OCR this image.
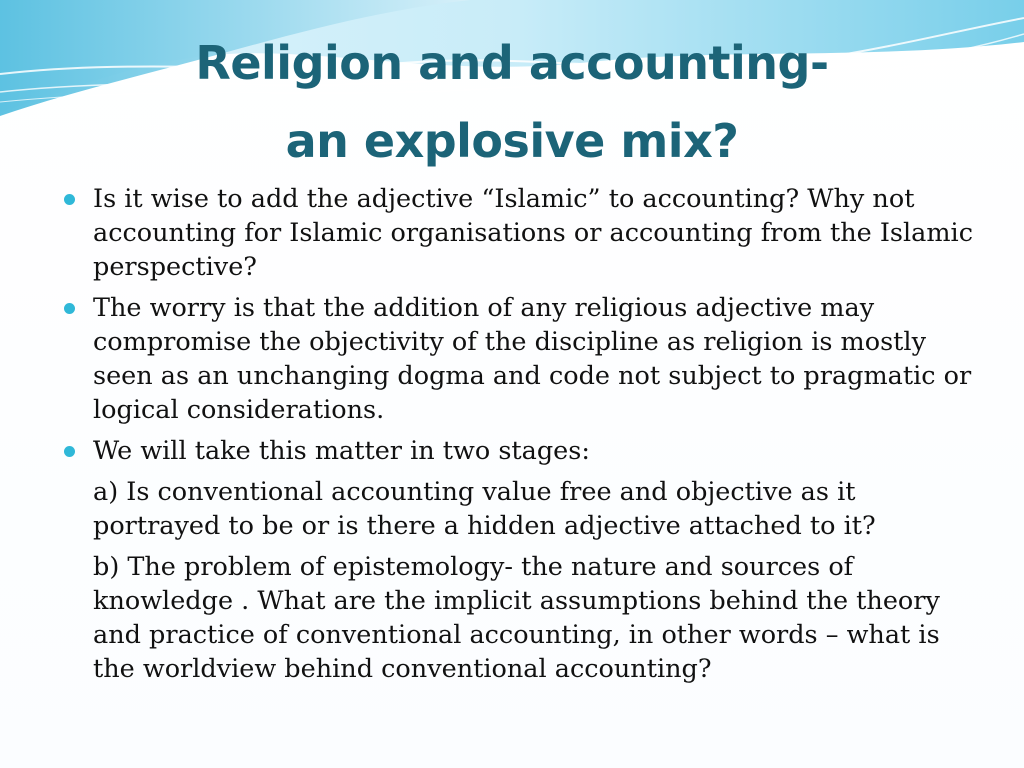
Religion and accounting-
an explosive mix?
Is it wise to add the adjective “Islamic” to accounting? Why not accounting for Islamic organisations or accounting from the Islamic perspective?
The worry is that the addition of any religious adjective may compromise the objectivity of the discipline as religion is mostly seen as an unchanging dogma and code not subject to pragmatic or logical considerations.
We will take this matter in two stages:
a) Is conventional accounting value free and objective as it portrayed to be or is there a hidden adjective attached to it?
b) The problem of epistemology- the nature and sources of knowledge . What are the implicit assumptions behind the theory and practice of conventional accounting, in other words – what is the worldview behind conventional accounting?
